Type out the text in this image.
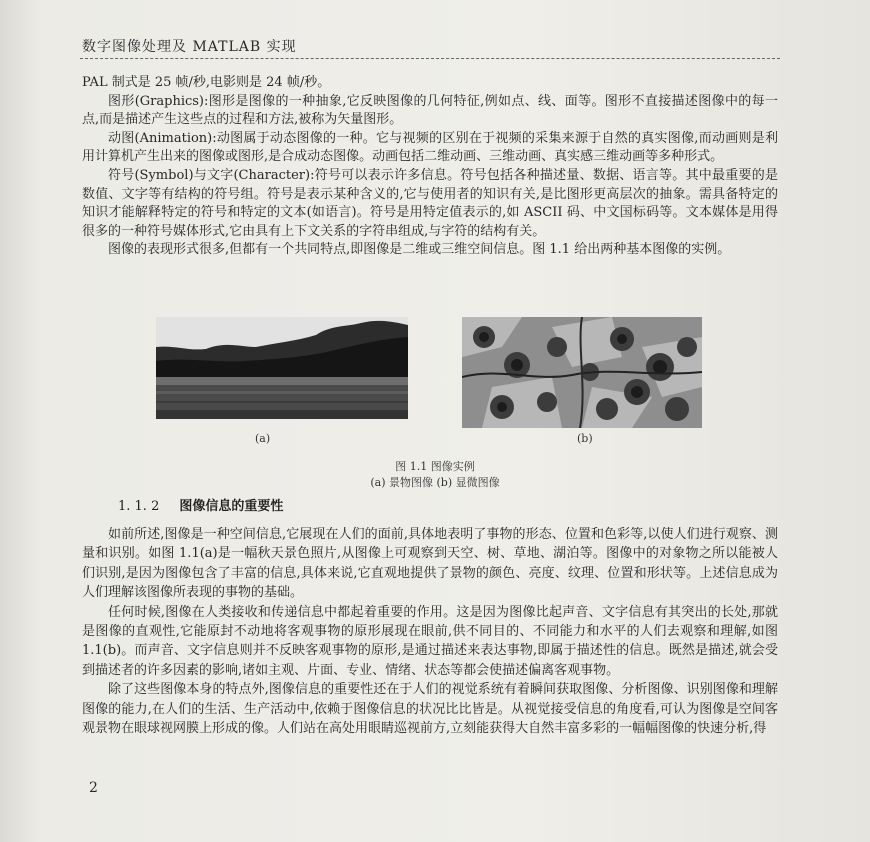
数字图像处理及 MATLAB 实现

PAL 制式是 25 帧/秒,电影则是 24 帧/秒。

图形(Graphics):图形是图像的一种抽象,它反映图像的几何特征,例如点、线、面等。图形不直接描述图像中的每一点,而是描述产生这些点的过程和方法,被称为矢量图形。

动图(Animation):动图属于动态图像的一种。它与视频的区别在于视频的采集来源于自然的真实图像,而动画则是利用计算机产生出来的图像或图形,是合成动态图像。动画包括二维动画、三维动画、真实感三维动画等多种形式。

符号(Symbol)与文字(Character):符号可以表示许多信息。符号包括各种描述量、数据、语言等。其中最重要的是数值、文字等有结构的符号组。符号是表示某种含义的,它与使用者的知识有关,是比图形更高层次的抽象。需具备特定的知识才能解释特定的符号和特定的文本(如语言)。符号是用特定值表示的,如 ASCII 码、中文国标码等。文本媒体是用得很多的一种符号媒体形式,它由具有上下文关系的字符串组成,与字符的结构有关。

图像的表现形式很多,但都有一个共同特点,即图像是二维或三维空间信息。图 1.1 给出两种基本图像的实例。

(a)	(b)
图 1.1 图像实例
(a) 景物图像 (b) 显微图像
1. 1. 2 图像信息的重要性

如前所述,图像是一种空间信息,它展现在人们的面前,具体地表明了事物的形态、位置和色彩等,以使人们进行观察、测量和识别。如图 1.1(a)是一幅秋天景色照片,从图像上可观察到天空、树、草地、湖泊等。图像中的对象物之所以能被人们识别,是因为图像包含了丰富的信息,具体来说,它直观地提供了景物的颜色、亮度、纹理、位置和形状等。上述信息成为人们理解该图像所表现的事物的基础。

任何时候,图像在人类接收和传递信息中都起着重要的作用。这是因为图像比起声音、文字信息有其突出的长处,那就是图像的直观性,它能原封不动地将客观事物的原形展现在眼前,供不同目的、不同能力和水平的人们去观察和理解,如图 1.1(b)。而声音、文字信息则并不反映客观事物的原形,是通过描述来表达事物,即属于描述性的信息。既然是描述,就会受到描述者的许多因素的影响,诸如主观、片面、专业、情绪、状态等都会使描述偏离客观事物。

除了这些图像本身的特点外,图像信息的重要性还在于人们的视觉系统有着瞬间获取图像、分析图像、识别图像和理解图像的能力,在人们的生活、生产活动中,依赖于图像信息的状况比比皆是。从视觉接受信息的角度看,可认为图像是空间客观景物在眼球视网膜上形成的像。人们站在高处用眼睛巡视前方,立刻能获得大自然丰富多彩的一幅幅图像的快速分析,得

2
